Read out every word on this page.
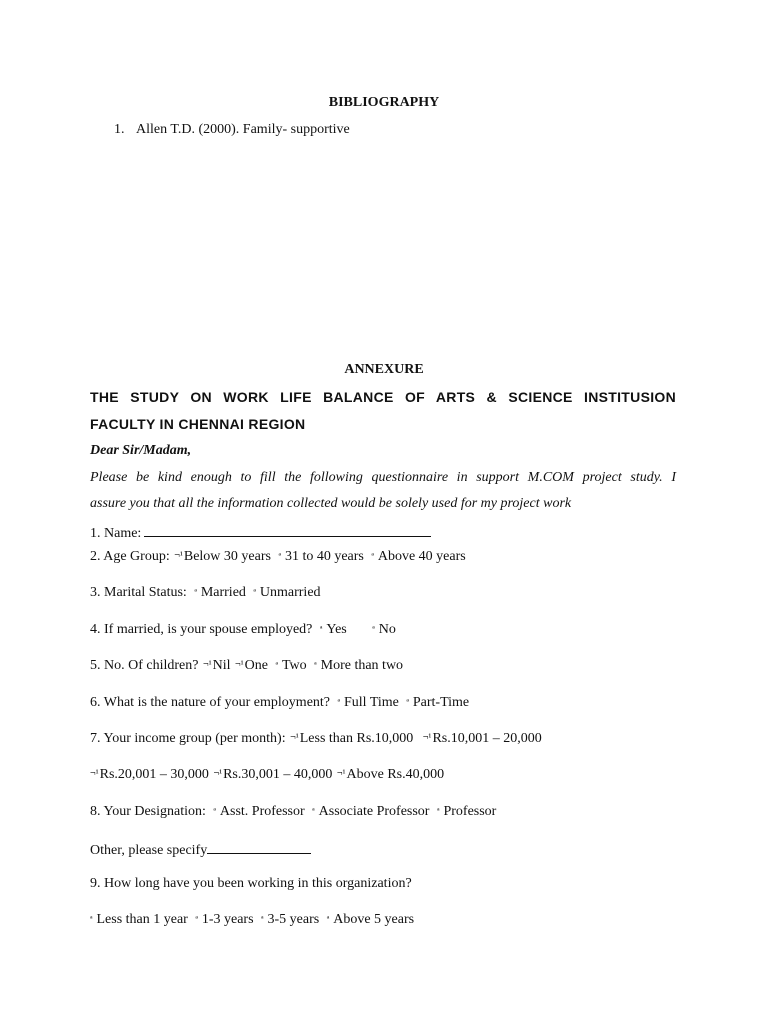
BIBLIOGRAPHY
1. Allen T.D. (2000). Family- supportive
ANNEXURE
THE STUDY ON WORK LIFE BALANCE OF ARTS & SCIENCE INSTITUSION
FACULTY IN CHENNAI REGION
Dear Sir/Madam,
Please be kind enough to fill the following questionnaire in support M.COM project study. I
assure you that all the information collected would be solely used for my project work
1. Name:
2. Age Group: ¬¹Below 30 years ª 31 to 40 years ª Above 40 years
3. Marital Status: ª Married ª Unmarried
4. If married, is your spouse employed? ª Yes	ª No
5. No. Of children? ¬¹Nil ¬¹One ª Two ª More than two
6. What is the nature of your employment? ª Full Time ª Part-Time
7. Your income group (per month): ¬¹Less than Rs.10,000 ¬¹Rs.10,001 – 20,000
¬¹Rs.20,001 – 30,000 ¬¹Rs.30,001 – 40,000 ¬¹Above Rs.40,000
8. Your Designation: ª Asst. Professor ª Associate Professor ª Professor
Other, please specify
9. How long have you been working in this organization?
ª Less than 1 year ª 1-3 years ª 3-5 years ª Above 5 years
